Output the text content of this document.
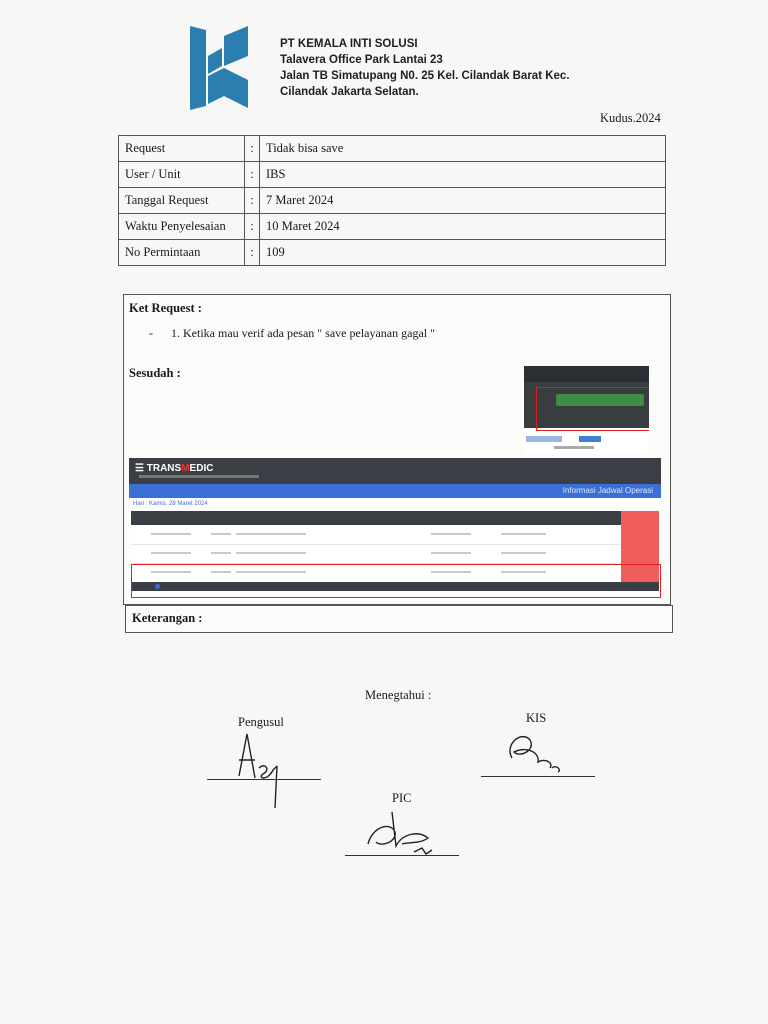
PT KEMALA INTI SOLUSI
Talavera Office Park Lantai 23
Jalan TB Simatupang N0. 25 Kel. Cilandak Barat Kec.
Cilandak Jakarta Selatan.
Kudus.2024
Request	:	Tidak bisa save
User / Unit	:	IBS
Tanggal Request	:	7 Maret 2024
Waktu Penyelesaian	:	10 Maret 2024
No Permintaan	:	109
Ket Request :
- 1. Ketika mau verif ada pesan " save pelayanan gagal "
Sesudah :
☰ TRANSMEDIC
Informasi Jadwal Operasi
Hari : Kamis, 28 Maret 2024
Keterangan :
Menegtahui :
Pengusul	KIS
PIC
